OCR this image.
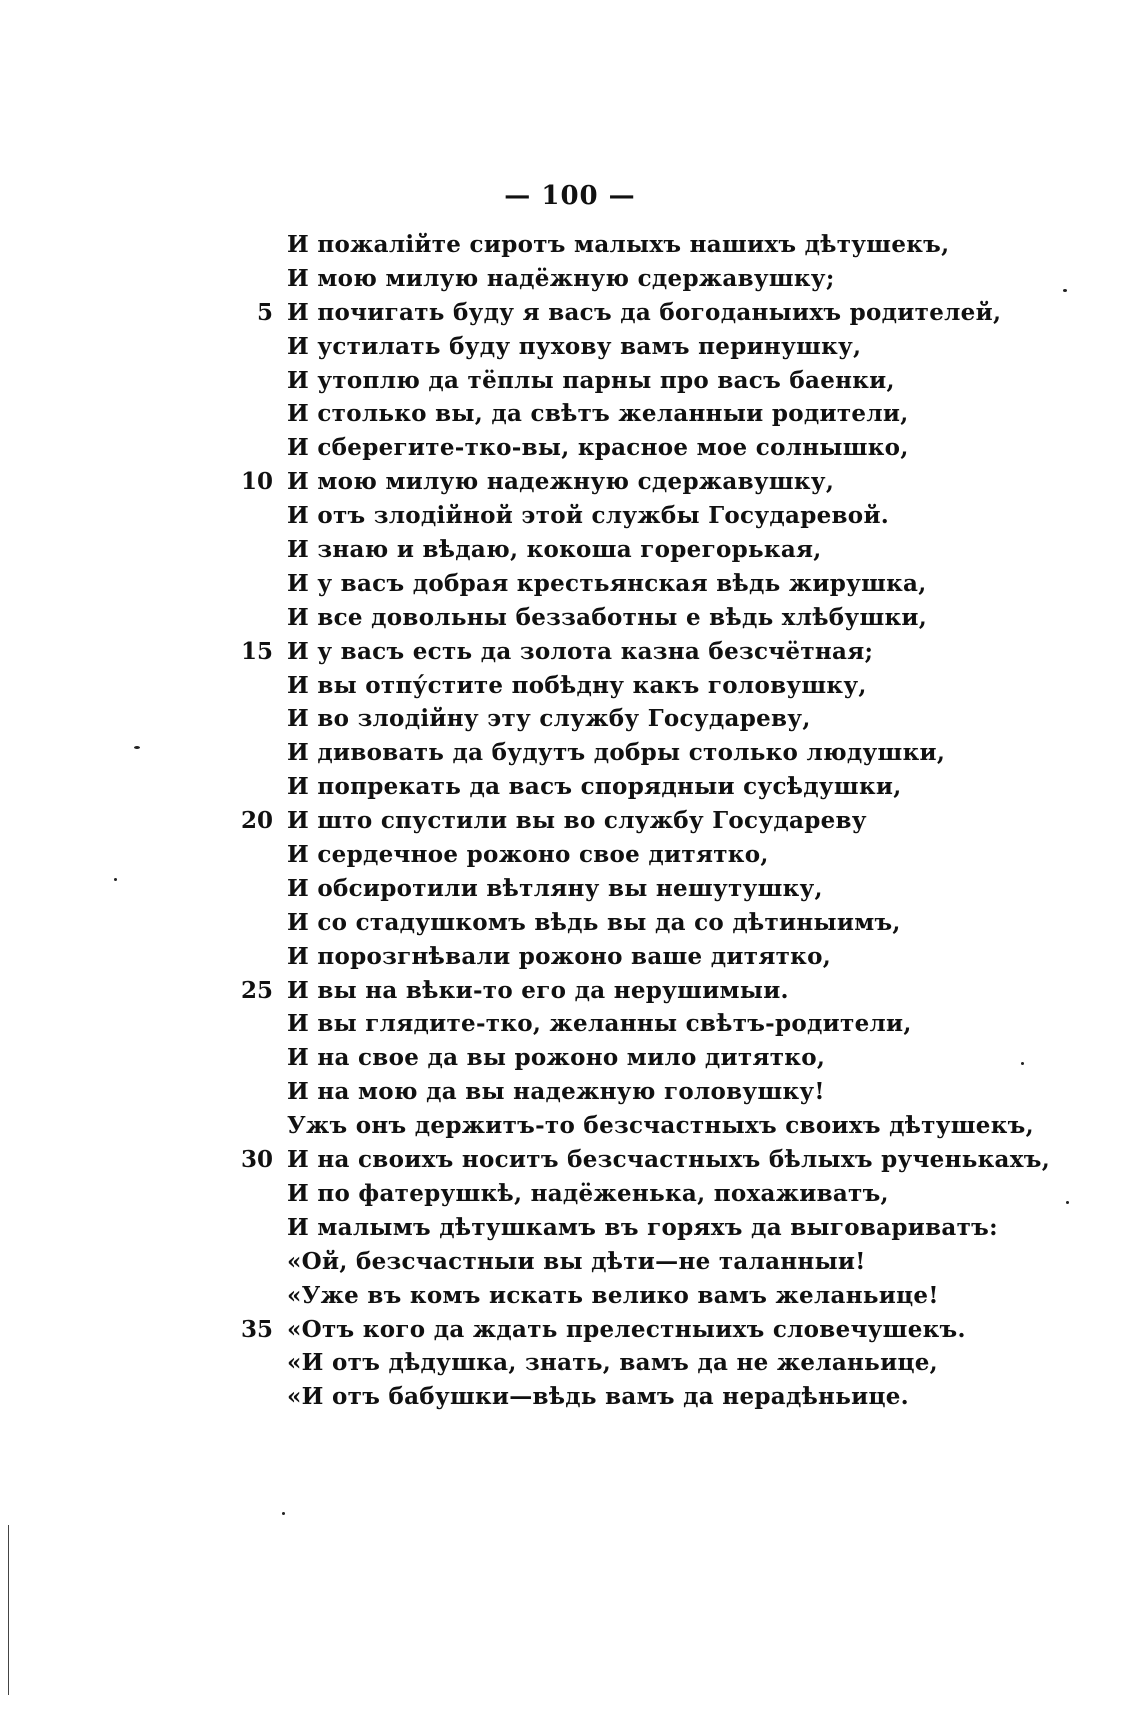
— 100 —
И пожалійте сиротъ малыхъ нашихъ дѣтушекъ,
И мою милую надёжную сдержавушку;
5 И почигать буду я васъ да богоданыихъ родителей,
И устилать буду пухову вамъ перинушку,
И утоплю да тёплы парны про васъ баенки,
И столько вы, да свѣтъ желанныи родители,
И сберегите-тко-вы, красное мое солнышко,
10 И мою милую надежную сдержавушку,
И отъ злодійной этой службы Государевой.
И знаю и вѣдаю, кокоша горегорькая,
И у васъ добрая крестьянская вѣдь жирушка,
И все довольны беззаботны е вѣдь хлѣбушки,
15 И у васъ есть да золота казна безсчётная;
И вы отпу́стите побѣдну какъ головушку,
И во злодійну эту службу Государеву,
И дивовать да будутъ добры столько людушки,
И попрекать да васъ спорядныи сусѣдушки,
20 И што спустили вы во службу Государеву
И сердечное рожоно свое дитятко,
И обсиротили вѣтляну вы нешутушку,
И со стадушкомъ вѣдь вы да со дѣтиныимъ,
И порозгнѣвали рожоно ваше дитятко,
25 И вы на вѣки-то его да нерушимыи.
И вы глядите-тко, желанны свѣтъ-родители,
И на свое да вы рожоно мило дитятко,
И на мою да вы надежную головушку!
Ужъ онъ держитъ-то безсчастныхъ своихъ дѣтушекъ,
30 И на своихъ носитъ безсчастныхъ бѣлыхъ рученькахъ,
И по фатерушкѣ, надёженька, похаживатъ,
И малымъ дѣтушкамъ въ горяхъ да выговариватъ:
«Ой, безсчастныи вы дѣти—не таланныи!
«Уже въ комъ искать велико вамъ желаньице!
35 «Отъ кого да ждать прелестныихъ словечушекъ.
«И отъ дѣдушка, знать, вамъ да не желаньице,
«И отъ бабушки—вѣдь вамъ да нерадѣньице.
